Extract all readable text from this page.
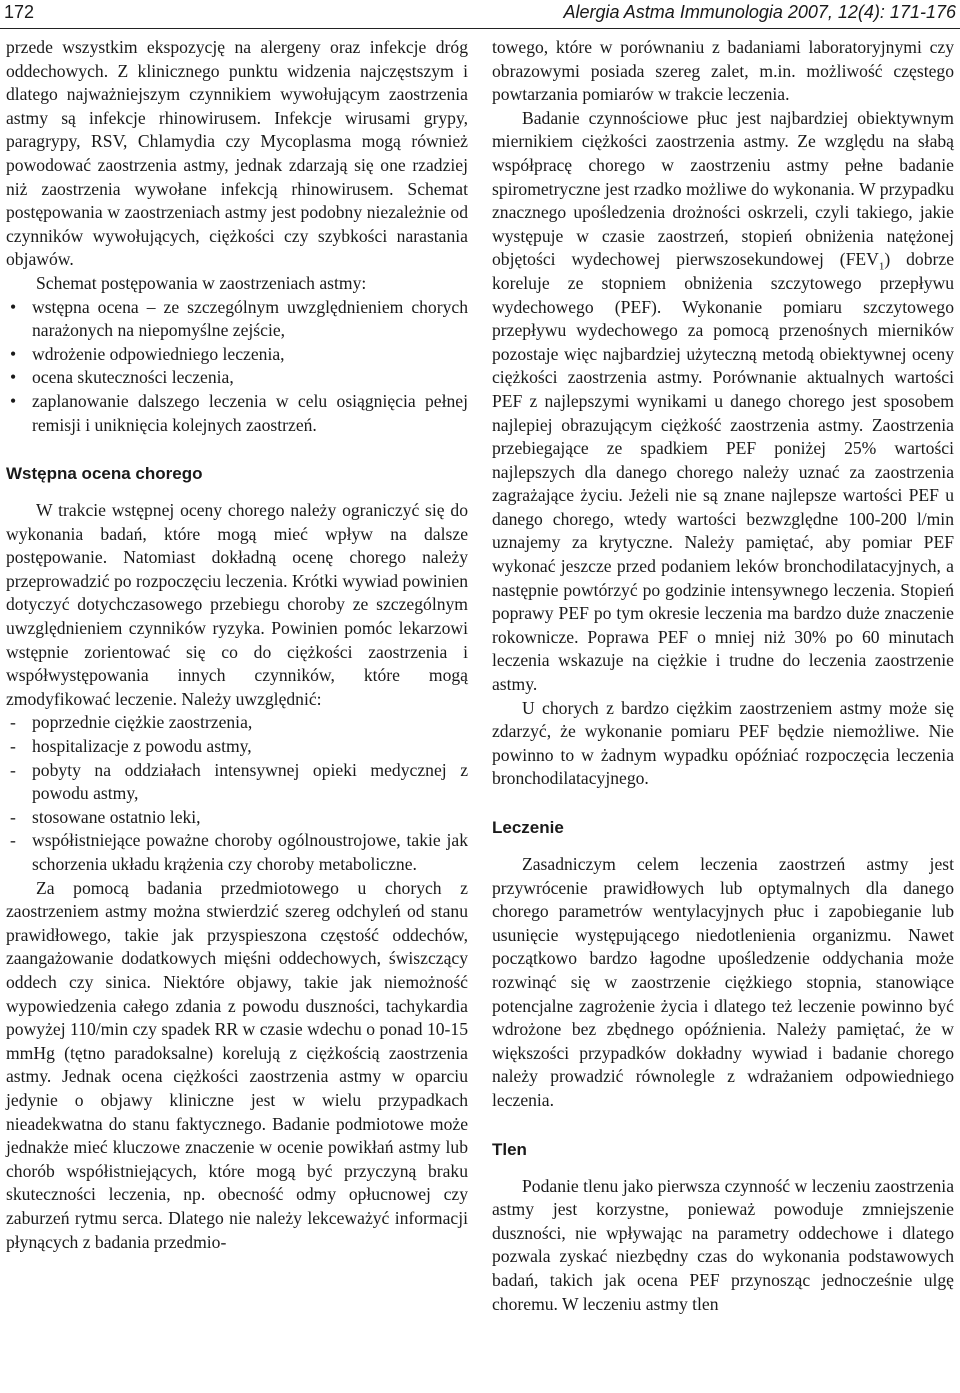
172	Alergia Astma Immunologia 2007, 12(4): 171-176

przede wszystkim ekspozycję na alergeny oraz infekcje dróg oddechowych. Z klinicznego punktu widzenia najczęstszym i dlatego najważniejszym czynnikiem wywołującym zaostrzenia astmy są infekcje rhinowirusem. Infekcje wirusami grypy, paragrypy, RSV, Chlamydia czy Mycoplasma mogą również powodować zaostrzenia astmy, jednak zdarzają się one rzadziej niż zaostrzenia wywołane infekcją rhinowirusem. Schemat postępowania w zaostrzeniach astmy jest podobny niezależnie od czynników wywołujących, ciężkości czy szybkości narastania objawów.

Schemat postępowania w zaostrzeniach astmy:

• wstępna ocena – ze szczególnym uwzględnieniem chorych narażonych na niepomyślne zejście,
• wdrożenie odpowiedniego leczenia,
• ocena skuteczności leczenia,
• zaplanowanie dalszego leczenia w celu osiągnięcia pełnej remisji i uniknięcia kolejnych zaostrzeń.
Wstępna ocena chorego

W trakcie wstępnej oceny chorego należy ograniczyć się do wykonania badań, które mogą mieć wpływ na dalsze postępowanie. Natomiast dokładną ocenę chorego należy przeprowadzić po rozpoczęciu leczenia. Krótki wywiad powinien dotyczyć dotychczasowego przebiegu choroby ze szczególnym uwzględnieniem czynników ryzyka. Powinien pomóc lekarzowi wstępnie zorientować się co do ciężkości zaostrzenia i współwystępowania innych czynników, które mogą zmodyfikować leczenie. Należy uwzględnić:

- poprzednie ciężkie zaostrzenia,
- hospitalizacje z powodu astmy,
- pobyty na oddziałach intensywnej opieki medycznej z powodu astmy,
- stosowane ostatnio leki,
- współistniejące poważne choroby ogólnoustrojowe, takie jak schorzenia układu krążenia czy choroby metaboliczne.

Za pomocą badania przedmiotowego u chorych z zaostrzeniem astmy można stwierdzić szereg odchyleń od stanu prawidłowego, takie jak przyspieszona częstość oddechów, zaangażowanie dodatkowych mięśni oddechowych, świszczący oddech czy sinica. Niektóre objawy, takie jak niemożność wypowiedzenia całego zdania z powodu duszności, tachykardia powyżej 110/min czy spadek RR w czasie wdechu o ponad 10-15 mmHg (tętno paradoksalne) korelują z ciężkością zaostrzenia astmy. Jednak ocena ciężkości zaostrzenia astmy w oparciu jedynie o objawy kliniczne jest w wielu przypadkach nieadekwatna do stanu faktycznego. Badanie podmiotowe może jednakże mieć kluczowe znaczenie w ocenie powikłań astmy lub chorób współistniejących, które mogą być przyczyną braku skuteczności leczenia, np. obecność odmy opłucnowej czy zaburzeń rytmu serca. Dlatego nie należy lekceważyć informacji płynących z badania przedmio-

towego, które w porównaniu z badaniami laboratoryjnymi czy obrazowymi posiada szereg zalet, m.in. możliwość częstego powtarzania pomiarów w trakcie leczenia.

Badanie czynnościowe płuc jest najbardziej obiektywnym miernikiem ciężkości zaostrzenia astmy. Ze względu na słabą współpracę chorego w zaostrzeniu astmy pełne badanie spirometryczne jest rzadko możliwe do wykonania. W przypadku znacznego upośledzenia drożności oskrzeli, czyli takiego, jakie występuje w czasie zaostrzeń, stopień obniżenia natężonej objętości wydechowej pierwszosekundowej $(FEV_1)$ dobrze koreluje ze stopniem obniżenia szczytowego przepływu wydechowego (PEF). Wykonanie pomiaru szczytowego przepływu wydechowego za pomocą przenośnych mierników pozostaje więc najbardziej użyteczną metodą obiektywnej oceny ciężkości zaostrzenia astmy. Porównanie aktualnych wartości PEF z najlepszymi wynikami u danego chorego jest sposobem najlepiej obrazującym ciężkość zaostrzenia astmy. Zaostrzenia przebiegające ze spadkiem PEF poniżej 25% wartości najlepszych dla danego chorego należy uznać za zaostrzenia zagrażające życiu. Jeżeli nie są znane najlepsze wartości PEF u danego chorego, wtedy wartości bezwzględne 100-200 l/min uznajemy za krytyczne. Należy pamiętać, aby pomiar PEF wykonać jeszcze przed podaniem leków bronchodilatacyjnych, a następnie powtórzyć po godzinie intensywnego leczenia. Stopień poprawy PEF po tym okresie leczenia ma bardzo duże znaczenie rokownicze. Poprawa PEF o mniej niż 30% po 60 minutach leczenia wskazuje na ciężkie i trudne do leczenia zaostrzenie astmy.

U chorych z bardzo ciężkim zaostrzeniem astmy może się zdarzyć, że wykonanie pomiaru PEF będzie niemożliwe. Nie powinno to w żadnym wypadku opóźniać rozpoczęcia leczenia bronchodilatacyjnego.

Leczenie

Zasadniczym celem leczenia zaostrzeń astmy jest przywrócenie prawidłowych lub optymalnych dla danego chorego parametrów wentylacyjnych płuc i zapobieganie lub usunięcie występującego niedotlenienia organizmu. Nawet początkowo bardzo łagodne upośledzenie oddychania może rozwinąć się w zaostrzenie ciężkiego stopnia, stanowiące potencjalne zagrożenie życia i dlatego też leczenie powinno być wdrożone bez zbędnego opóźnienia. Należy pamiętać, że w większości przypadków dokładny wywiad i badanie chorego należy prowadzić równolegle z wdrażaniem odpowiedniego leczenia.

Tlen

Podanie tlenu jako pierwsza czynność w leczeniu zaostrzenia astmy jest korzystne, ponieważ powoduje zmniejszenie duszności, nie wpływając na parametry oddechowe i dlatego pozwala zyskać niezbędny czas do wykonania podstawowych badań, takich jak ocena PEF przynosząc jednocześnie ulgę choremu. W leczeniu astmy tlen
